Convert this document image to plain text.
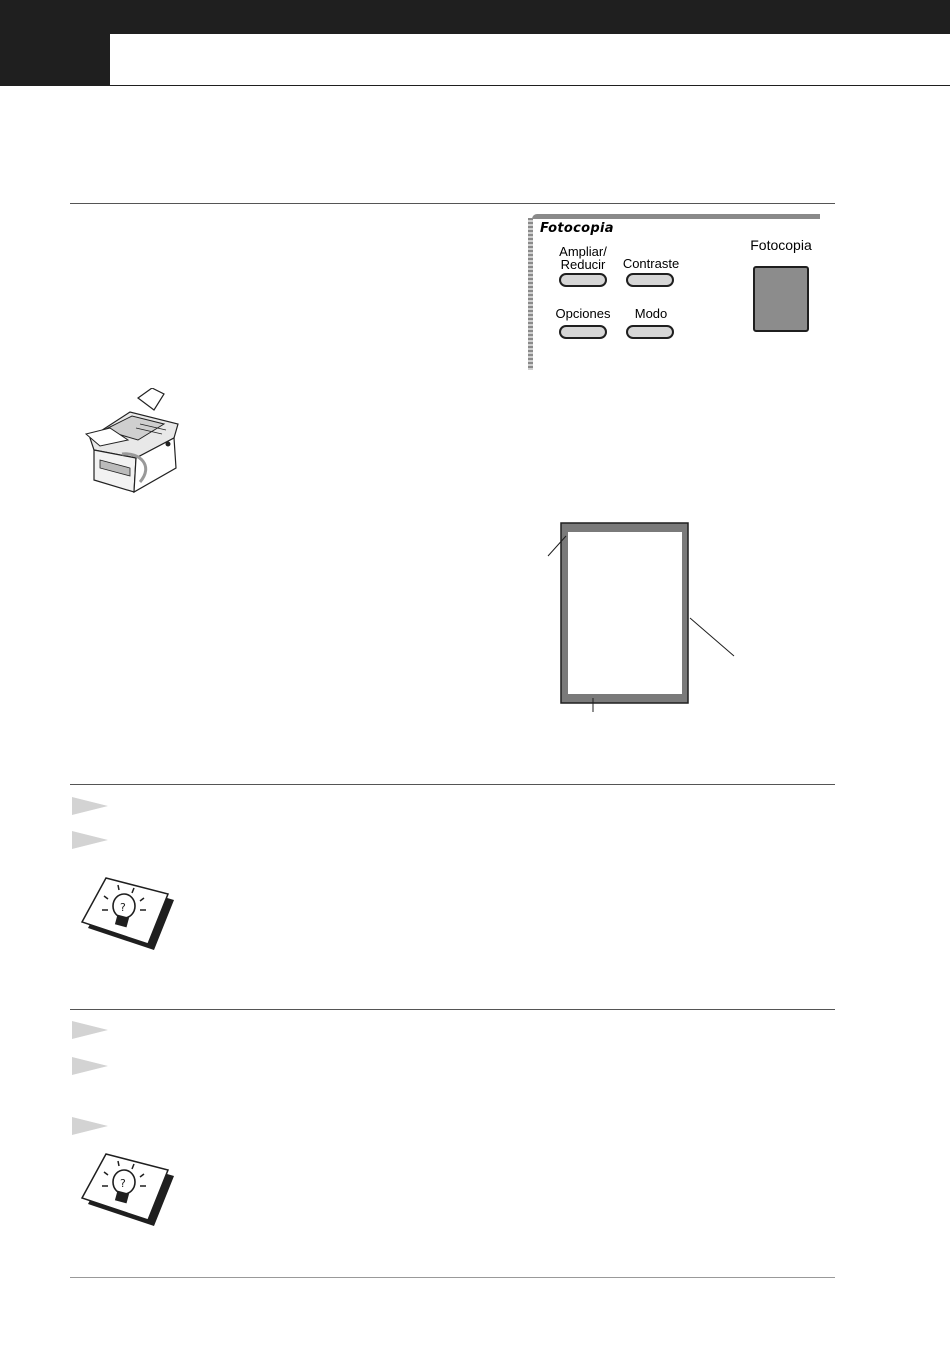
Fotocopia
Ampliar/
Reducir	Contraste
Opciones	Modo
Fotocopia
?
?
